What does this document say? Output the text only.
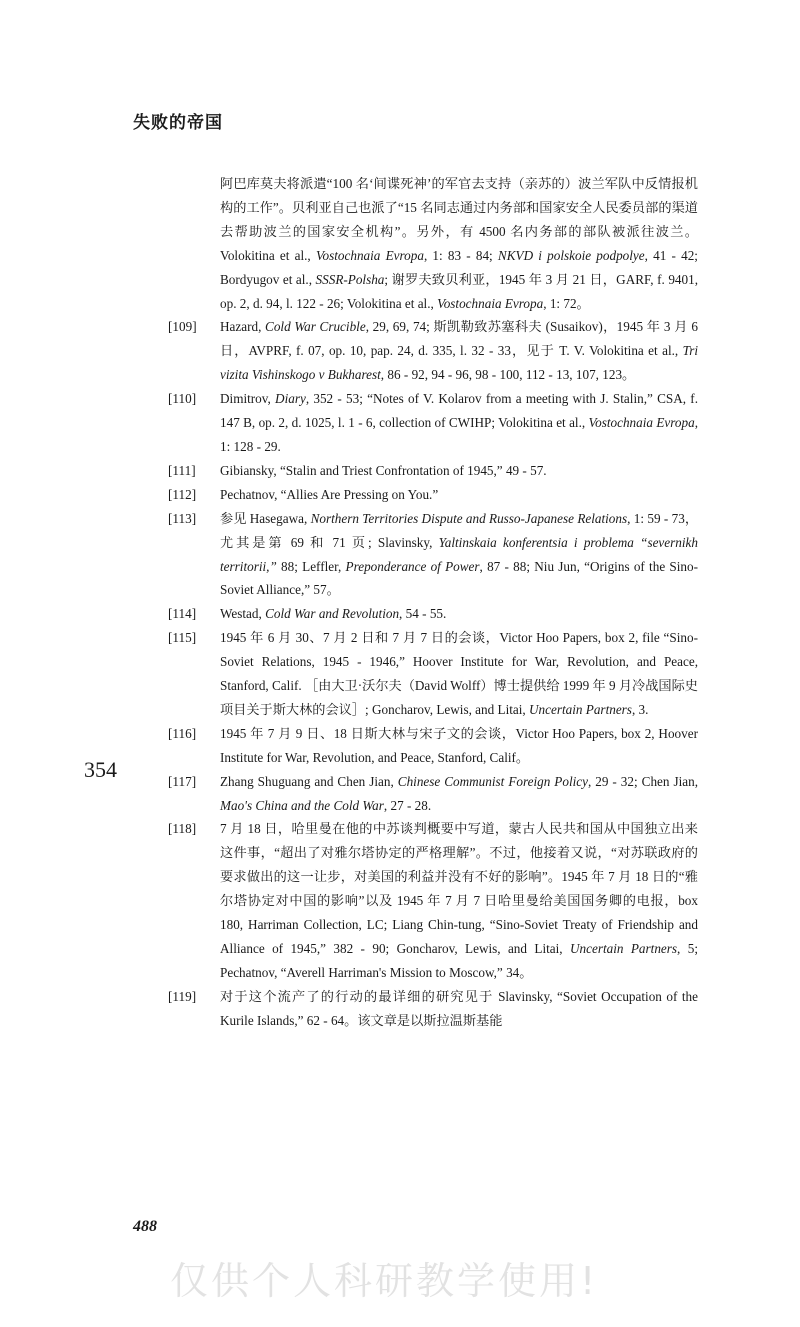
失败的帝国
阿巴库莫夫将派遣“100 名‘间谍死神’的军官去支持（亲苏的）波兰军队中反情报机构的工作”。贝利亚自己也派了“15 名同志通过内务部和国家安全人民委员部的渠道去帮助波兰的国家安全机构”。另外，有 4500 名内务部的部队被派往波兰。Volokitina et al., Vostochnaia Evropa, 1: 83 - 84; NKVD i polskoie podpolye, 41 - 42; Bordyugov et al., SSSR-Polsha; 谢罗夫致贝利亚，1945 年 3 月 21 日，GARF, f. 9401, op. 2, d. 94, l. 122 - 26; Volokitina et al., Vostochnaia Evropa, 1: 72。
[ 109 ]	Hazard, Cold War Crucible, 29, 69, 74; 斯凯勒致苏塞科夫 (Susaikov)，1945 年 3 月 6 日，AVPRF, f. 07, op. 10, pap. 24, d. 335, l. 32 - 33，见于 T. V. Volokitina et al., Tri vizita Vishinskogo v Bukharest, 86 - 92, 94 - 96, 98 - 100, 112 - 13, 107, 123。
[ 110 ]	Dimitrov, Diary, 352 - 53; “Notes of V. Kolarov from a meeting with J. Stalin,” CSA, f. 147 B, op. 2, d. 1025, l. 1 - 6, collection of CWIHP; Volokitina et al., Vostochnaia Evropa, 1: 128 - 29.
[ 111 ]	Gibiansky, “Stalin and Triest Confrontation of 1945,” 49 - 57.
[ 112 ]	Pechatnov, “Allies Are Pressing on You.”
[ 113 ]	参见 Hasegawa, Northern Territories Dispute and Russo-Japanese Relations, 1: 59 - 73，尤其是第 69 和 71 页; Slavinsky, Yaltinskaia konferentsia i problema “severnikh territorii,” 88; Leffler, Preponderance of Power, 87 - 88; Niu Jun, “Origins of the Sino-Soviet Alliance,” 57。
[ 114 ]	Westad, Cold War and Revolution, 54 - 55.
[ 115 ]	1945 年 6 月 30、7 月 2 日和 7 月 7 日的会谈，Victor Hoo Papers, box 2, file “Sino-Soviet Relations, 1945 - 1946,” Hoover Institute for War, Revolution, and Peace, Stanford, Calif. ［由大卫·沃尔夫（David Wolff）博士提供给 1999 年 9 月冷战国际史项目关于斯大林的会议］; Goncharov, Lewis, and Litai, Uncertain Partners, 3.
[ 116 ]	1945 年 7 月 9 日、18 日斯大林与宋子文的会谈，Victor Hoo Papers, box 2, Hoover Institute for War, Revolution, and Peace, Stanford, Calif。
[ 117 ]	Zhang Shuguang and Chen Jian, Chinese Communist Foreign Policy, 29 - 32; Chen Jian, Mao's China and the Cold War, 27 - 28.
[ 118 ]	7 月 18 日，哈里曼在他的中苏谈判概要中写道，蒙古人民共和国从中国独立出来这件事，“超出了对雅尔塔协定的严格理解”。不过，他接着又说，“对苏联政府的要求做出的这一让步，对美国的利益并没有不好的影响”。1945 年 7 月 18 日的“雅尔塔协定对中国的影响”以及 1945 年 7 月 7 日哈里曼给美国国务卿的电报，box 180, Harriman Collection, LC; Liang Chin-tung, “Sino-Soviet Treaty of Friendship and Alliance of 1945,” 382 - 90; Goncharov, Lewis, and Litai, Uncertain Partners, 5; Pechatnov, “Averell Harriman's Mission to Moscow,” 34。
[ 119 ]	对于这个流产了的行动的最详细的研究见于 Slavinsky, “Soviet Occupation of the Kurile Islands,” 62 - 64。该文章是以斯拉温斯基能
354
488
仅供个人科研教学使用!
